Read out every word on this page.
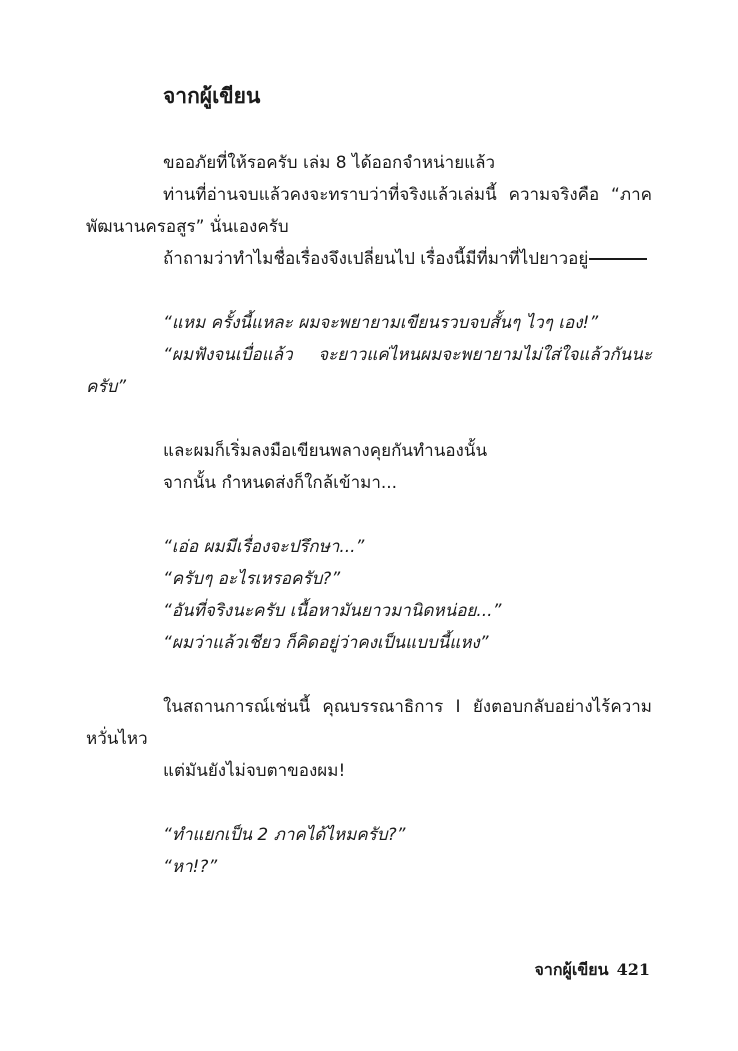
จากผู้เขียน

ขออภัยที่ให้รอครับ เล่ม 8 ได้ออกจำหน่ายแล้ว

ท่านที่อ่านจบแล้วคงจะทราบว่าที่จริงแล้วเล่มนี้ ความจริงคือ “ภาคพัฒนานครอสูร” นั่นเองครับ

ถ้าถามว่าทำไมชื่อเรื่องจึงเปลี่ยนไป เรื่องนี้มีที่มาที่ไปยาวอยู่

“แหม ครั้งนี้แหละ ผมจะพยายามเขียนรวบจบสั้นๆ ไวๆ เอง!”

“ผมฟังจนเบื่อแล้ว จะยาวแค่ไหนผมจะพยายามไม่ใส่ใจแล้วกันนะครับ”

และผมก็เริ่มลงมือเขียนพลางคุยกันทำนองนั้น

จากนั้น กำหนดส่งก็ใกล้เข้ามา...

“เอ่อ ผมมีเรื่องจะปรึกษา...”

“ครับๆ อะไรเหรอครับ?”

“อันที่จริงนะครับ เนื้อหามันยาวมานิดหน่อย...”

“ผมว่าแล้วเชียว ก็คิดอยู่ว่าคงเป็นแบบนี้แหง”

ในสถานการณ์เช่นนี้ คุณบรรณาธิการ I ยังตอบกลับอย่างไร้ความหวั่นไหว

แต่มันยังไม่จบตาของผม!

“ทำแยกเป็น 2 ภาคได้ไหมครับ?”

“หา!?”

จากผู้เขียน 421
